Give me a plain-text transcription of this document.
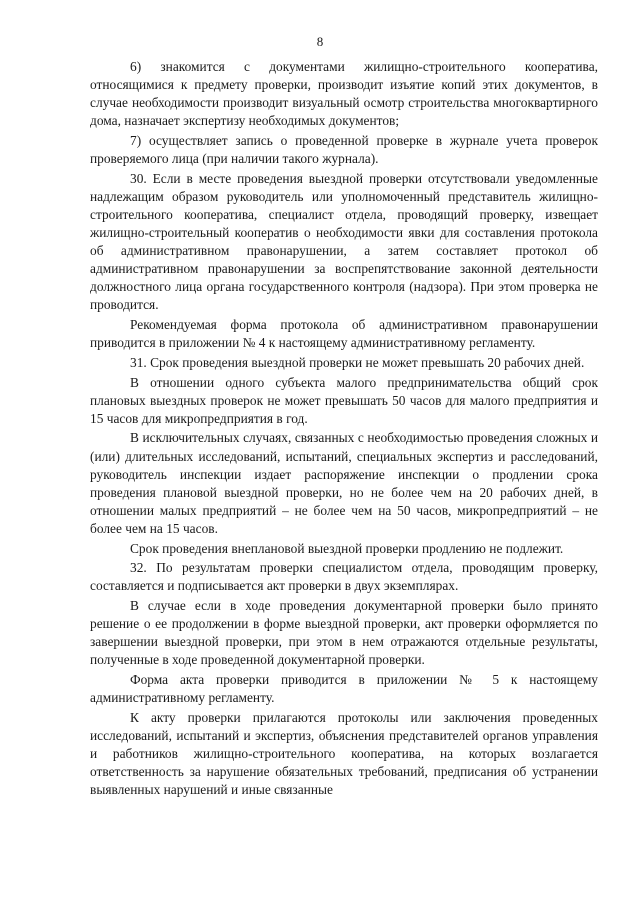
8

6) знакомится с документами жилищно-строительного кооператива, относящимися к предмету проверки, производит изъятие копий этих документов, в случае необходимости производит визуальный осмотр строительства многоквартирного дома, назначает экспертизу необходимых документов;

7) осуществляет запись о проведенной проверке в журнале учета проверок проверяемого лица (при наличии такого журнала).

30. Если в месте проведения выездной проверки отсутствовали уведомленные надлежащим образом руководитель или уполномоченный представитель жилищно-строительного кооператива, специалист отдела, проводящий проверку, извещает жилищно-строительный кооператив о необходимости явки для составления протокола об административном правонарушении, а затем составляет протокол об административном правонарушении за воспрепятствование законной деятельности должностного лица органа государственного контроля (надзора). При этом проверка не проводится.

Рекомендуемая форма протокола об административном правонарушении приводится в приложении № 4 к настоящему административному регламенту.

31. Срок проведения выездной проверки не может превышать 20 рабочих дней.

В отношении одного субъекта малого предпринимательства общий срок плановых выездных проверок не может превышать 50 часов для малого предприятия и 15 часов для микропредприятия в год.

В исключительных случаях, связанных с необходимостью проведения сложных и (или) длительных исследований, испытаний, специальных экспертиз и расследований, руководитель инспекции издает распоряжение инспекции о продлении срока проведения плановой выездной проверки, но не более чем на 20 рабочих дней, в отношении малых предприятий – не более чем на 50 часов, микропредприятий – не более чем на 15 часов.

Срок проведения внеплановой выездной проверки продлению не подлежит.

32. По результатам проверки специалистом отдела, проводящим проверку, составляется и подписывается акт проверки в двух экземплярах.

В случае если в ходе проведения документарной проверки было принято решение о ее продолжении в форме выездной проверки, акт проверки оформляется по завершении выездной проверки, при этом в нем отражаются отдельные результаты, полученные в ходе проведенной документарной проверки.

Форма акта проверки приводится в приложении № 5 к настоящему административному регламенту.

К акту проверки прилагаются протоколы или заключения проведенных исследований, испытаний и экспертиз, объяснения представителей органов управления и работников жилищно-строительного кооператива, на которых возлагается ответственность за нарушение обязательных требований, предписания об устранении выявленных нарушений и иные связанные
